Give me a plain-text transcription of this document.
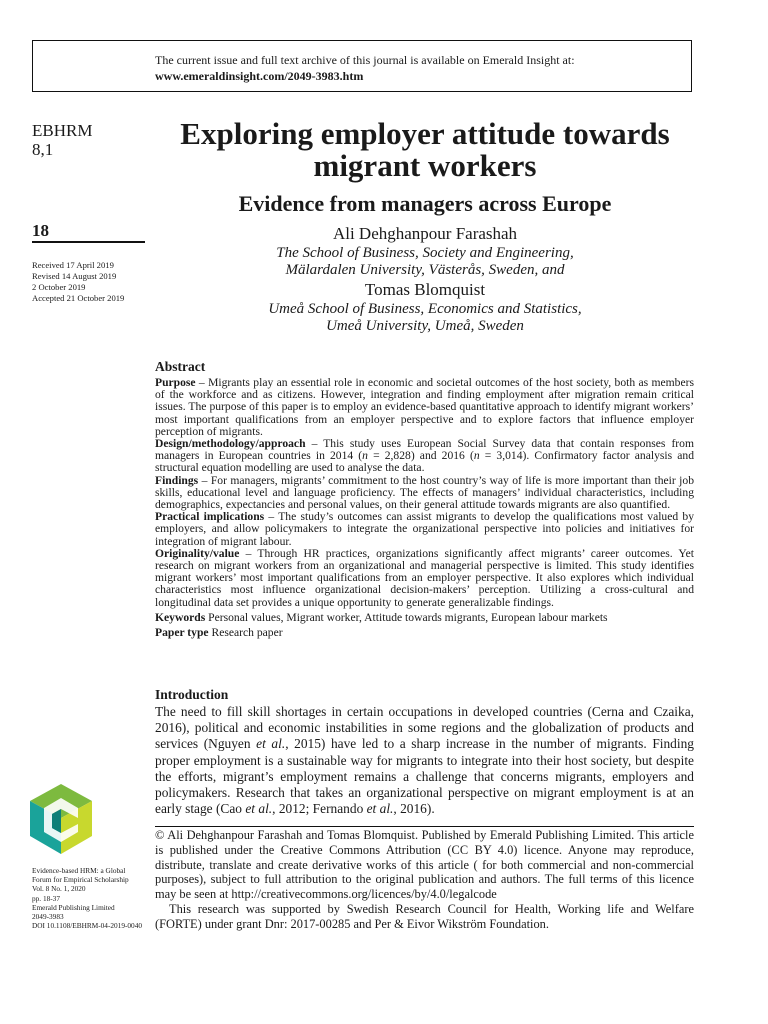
The current issue and full text archive of this journal is available on Emerald Insight at:
www.emeraldinsight.com/2049-3983.htm
EBHRM
8,1
18
Received 17 April 2019
Revised 14 August 2019
2 October 2019
Accepted 21 October 2019
Exploring employer attitude towards migrant workers
Evidence from managers across Europe
Ali Dehghanpour Farashah
The School of Business, Society and Engineering,
Mälardalen University, Västerås, Sweden, and
Tomas Blomquist
Umeå School of Business, Economics and Statistics,
Umeå University, Umeå, Sweden
Abstract

Purpose – Migrants play an essential role in economic and societal outcomes of the host society, both as members of the workforce and as citizens. However, integration and finding employment after migration remain critical issues. The purpose of this paper is to employ an evidence-based quantitative approach to identify migrant workers’ most important qualifications from an employer perspective and to explore factors that influence employer perception of migrants.

Design/methodology/approach – This study uses European Social Survey data that contain responses from managers in European countries in 2014 (n = 2,828) and 2016 (n = 3,014). Confirmatory factor analysis and structural equation modelling are used to analyse the data.

Findings – For managers, migrants’ commitment to the host country’s way of life is more important than their job skills, educational level and language proficiency. The effects of managers’ individual characteristics, including demographics, expectancies and personal values, on their general attitude towards migrants are also quantified.

Practical implications – The study’s outcomes can assist migrants to develop the qualifications most valued by employers, and allow policymakers to integrate the organizational perspective into policies and initiatives for integration of migrant labour.

Originality/value – Through HR practices, organizations significantly affect migrants’ career outcomes. Yet research on migrant workers from an organizational and managerial perspective is limited. This study identifies migrant workers’ most important qualifications from an employer perspective. It also explores which individual characteristics most influence organizational decision-makers’ perception. Utilizing a cross-cultural and longitudinal data set provides a unique opportunity to generate generalizable findings.

Keywords Personal values, Migrant worker, Attitude towards migrants, European labour markets

Paper type Research paper

Introduction

The need to fill skill shortages in certain occupations in developed countries (Cerna and Czaika, 2016), political and economic instabilities in some regions and the globalization of products and services (Nguyen et al., 2015) have led to a sharp increase in the number of migrants. Finding proper employment is a sustainable way for migrants to integrate into their host society, but despite the efforts, migrant’s employment remains a challenge that concerns migrants, employers and policymakers. Research that takes an organizational perspective on migrant employment is at an early stage (Cao et al., 2012; Fernando et al., 2016).

© Ali Dehghanpour Farashah and Tomas Blomquist. Published by Emerald Publishing Limited. This article is published under the Creative Commons Attribution (CC BY 4.0) licence. Anyone may reproduce, distribute, translate and create derivative works of this article ( for both commercial and non-commercial purposes), subject to full attribution to the original publication and authors. The full terms of this licence may be seen at http://creativecommons.org/licences/by/4.0/legalcode

This research was supported by Swedish Research Council for Health, Working life and Welfare (FORTE) under grant Dnr: 2017-00285 and Per & Eivor Wikström Foundation.

Evidence-based HRM: a Global
Forum for Empirical Scholarship
Vol. 8 No. 1, 2020
pp. 18-37
Emerald Publishing Limited
2049-3983
DOI 10.1108/EBHRM-04-2019-0040
